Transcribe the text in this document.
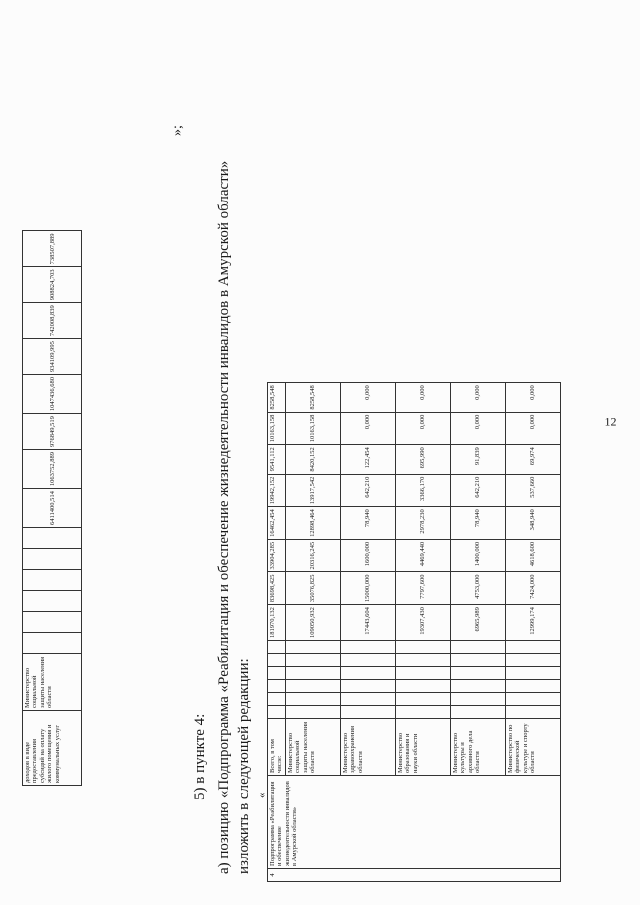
12
доходов в виде предоставления субсидий на оплату жилого помещения и коммунальных услуг	Министерство социальной защиты населения области							6411400,514	1063752,889	976849,519	1047436,680	934109,995	742008,839	908824,703	738507,889
»;
5) в пункте 4: а) позицию «Подпрограмма «Реабилитация и обеспечение жизнедеятельности инвалидов в Амурской области» изложить в следующей редакции: «
4	Подпрограмма «Реабилитация и обеспечение жизнедеятельности инвалидов в Амурской области»	Всего, в том числе:							181970,132	83698,425	33904,285	16462,454	19942,152	9541,112	10163,158	8258,548
		Министерство социальной защиты населения области							109050,932	35076,825	20316,245	12898,464	13917,542	8420,152	10163,158	8258,548
		Министерство здравоохранения области							17443,604	15000,000	1600,000	78,940	642,210	122,454	0,000	0,000
		Министерство образования и науки области							19307,430	7797,600	4469,440	2978,230	3366,170	695,990	0,000	0,000
		Министерство культуры и архивного дела области							6965,989	4753,000	1400,000	78,940	642,210	91,839	0,000	0,000
		Министерство по физической культуре и спорту области							12999,174	7424,000	4618,600	348,940	537,660	69,974	0,000	0,000
